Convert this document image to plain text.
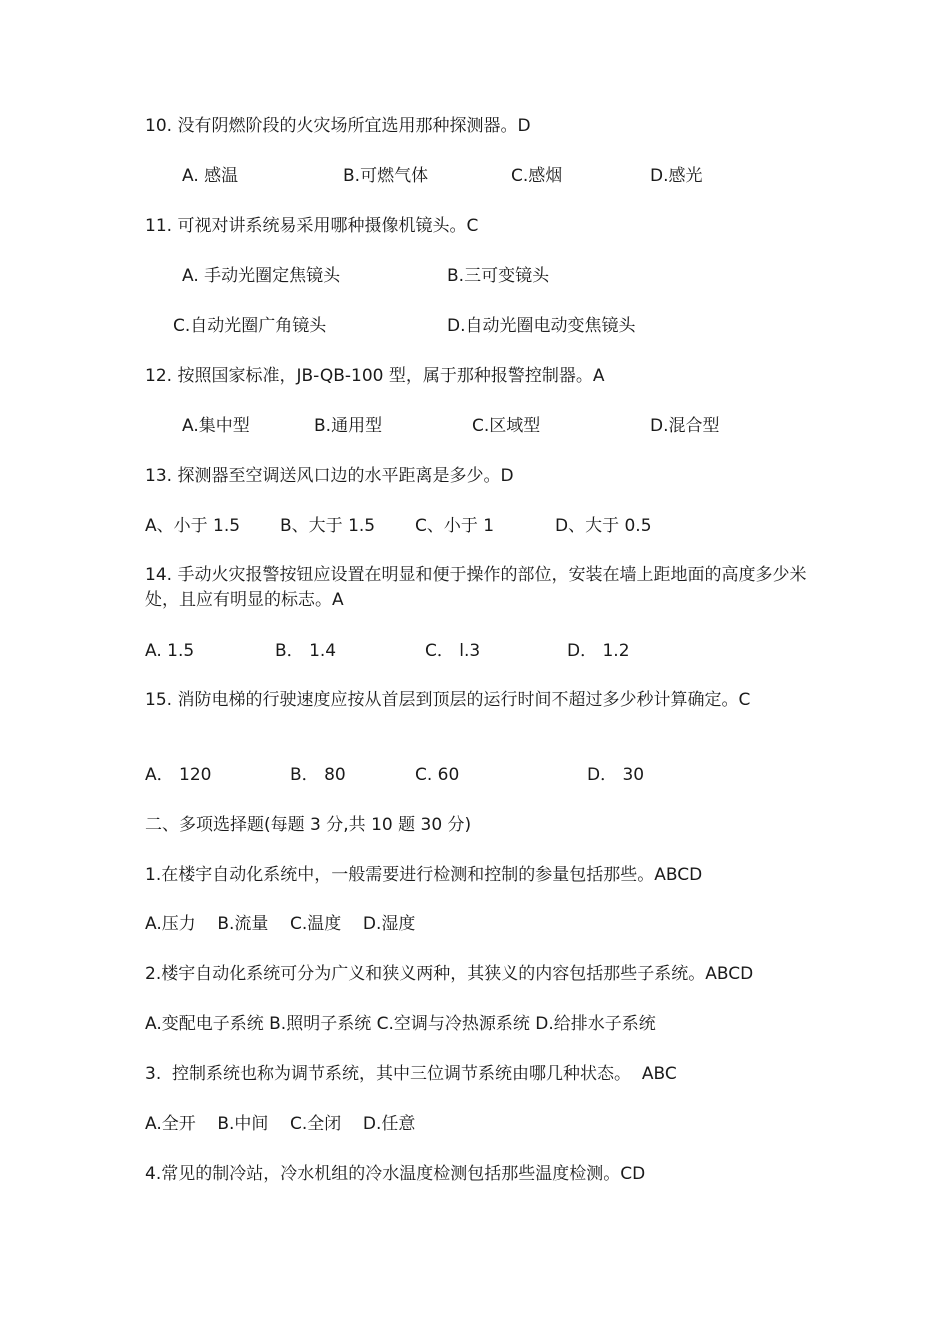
10. 没有阴燃阶段的火灾场所宜选用那种探测器。D
A. 感温	B.可燃气体	C.感烟	D.感光
11. 可视对讲系统易采用哪种摄像机镜头。C
A. 手动光圈定焦镜头	B.三可变镜头
C.自动光圈广角镜头	D.自动光圈电动变焦镜头
12. 按照国家标准，JB-QB-100 型，属于那种报警控制器。A
A.集中型	B.通用型	C.区域型	D.混合型
13. 探测器至空调送风口边的水平距离是多少。D
A、小于 1.5 B、大于 1.5 C、小于 1	D、大于 0.5
14. 手动火灾报警按钮应设置在明显和便于操作的部位，安装在墙上距地面的高度多少米处，且应有明显的标志。A
A. 1.5	B． 1.4	C． l.3	D． 1.2
15. 消防电梯的行驶速度应按从首层到顶层的运行时间不超过多少秒计算确定。C
A． 120	B． 80	C. 60	D． 30
二、多项选择题(每题 3 分,共 10 题 30 分)
1.在楼宇自动化系统中，一般需要进行检测和控制的参量包括那些。ABCD
A.压力    B.流量    C.温度    D.湿度
2.楼宇自动化系统可分为广义和狭义两种，其狭义的内容包括那些子系统。ABCD
A.变配电子系统 B.照明子系统 C.空调与冷热源系统 D.给排水子系统
3.  控制系统也称为调节系统，其中三位调节系统由哪几种状态。  ABC
A.全开    B.中间    C.全闭    D.任意
4.常见的制冷站，冷水机组的冷水温度检测包括那些温度检测。CD
